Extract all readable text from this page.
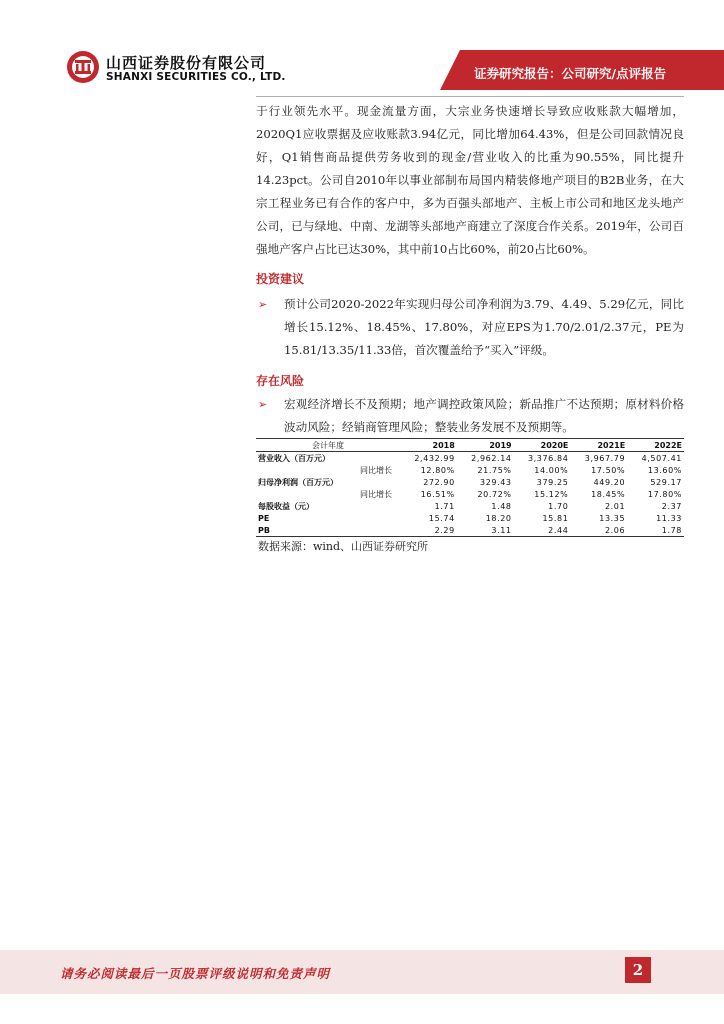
山西证券股份有限公司
SHANXI SECURITIES CO., LTD.	证券研究报告：公司研究/点评报告

于行业领先水平。现金流量方面，大宗业务快速增长导致应收账款大幅增加，2020Q1应收票据及应收账款3.94亿元，同比增加64.43%，但是公司回款情况良好，Q1销售商品提供劳务收到的现金/营业收入的比重为90.55%，同比提升14.23pct。公司自2010年以事业部制布局国内精装修地产项目的B2B业务，在大宗工程业务已有合作的客户中，多为百强头部地产、主板上市公司和地区龙头地产公司，已与绿地、中南、龙湖等头部地产商建立了深度合作关系。2019年，公司百强地产客户占比已达30%，其中前10占比60%，前20占比60%。

投资建议

➢ 预计公司2020-2022年实现归母公司净利润为3.79、4.49、5.29亿元，同比增长15.12%、18.45%、17.80%，对应EPS为1.70/2.01/2.37元，PE为15.81/13.35/11.33倍，首次覆盖给予“买入”评级。

存在风险

➢ 宏观经济增长不及预期；地产调控政策风险；新品推广不达预期；原材料价格波动风险；经销商管理风险；整装业务发展不及预期等。
会计年度	2018	2019	2020E	2021E	2022E
营业收入（百万元）	2,432.99	2,962.14	3,376.84	3,967.79	4,507.41
同比增长	12.80%	21.75%	14.00%	17.50%	13.60%
归母净利润（百万元）	272.90	329.43	379.25	449.20	529.17
同比增长	16.51%	20.72%	15.12%	18.45%	17.80%
每股收益（元）	1.71	1.48	1.70	2.01	2.37
PE	15.74	18.20	15.81	13.35	11.33
PB	2.29	3.11	2.44	2.06	1.78
数据来源：wind、山西证券研究所
请务必阅读最后一页股票评级说明和免责声明	2
